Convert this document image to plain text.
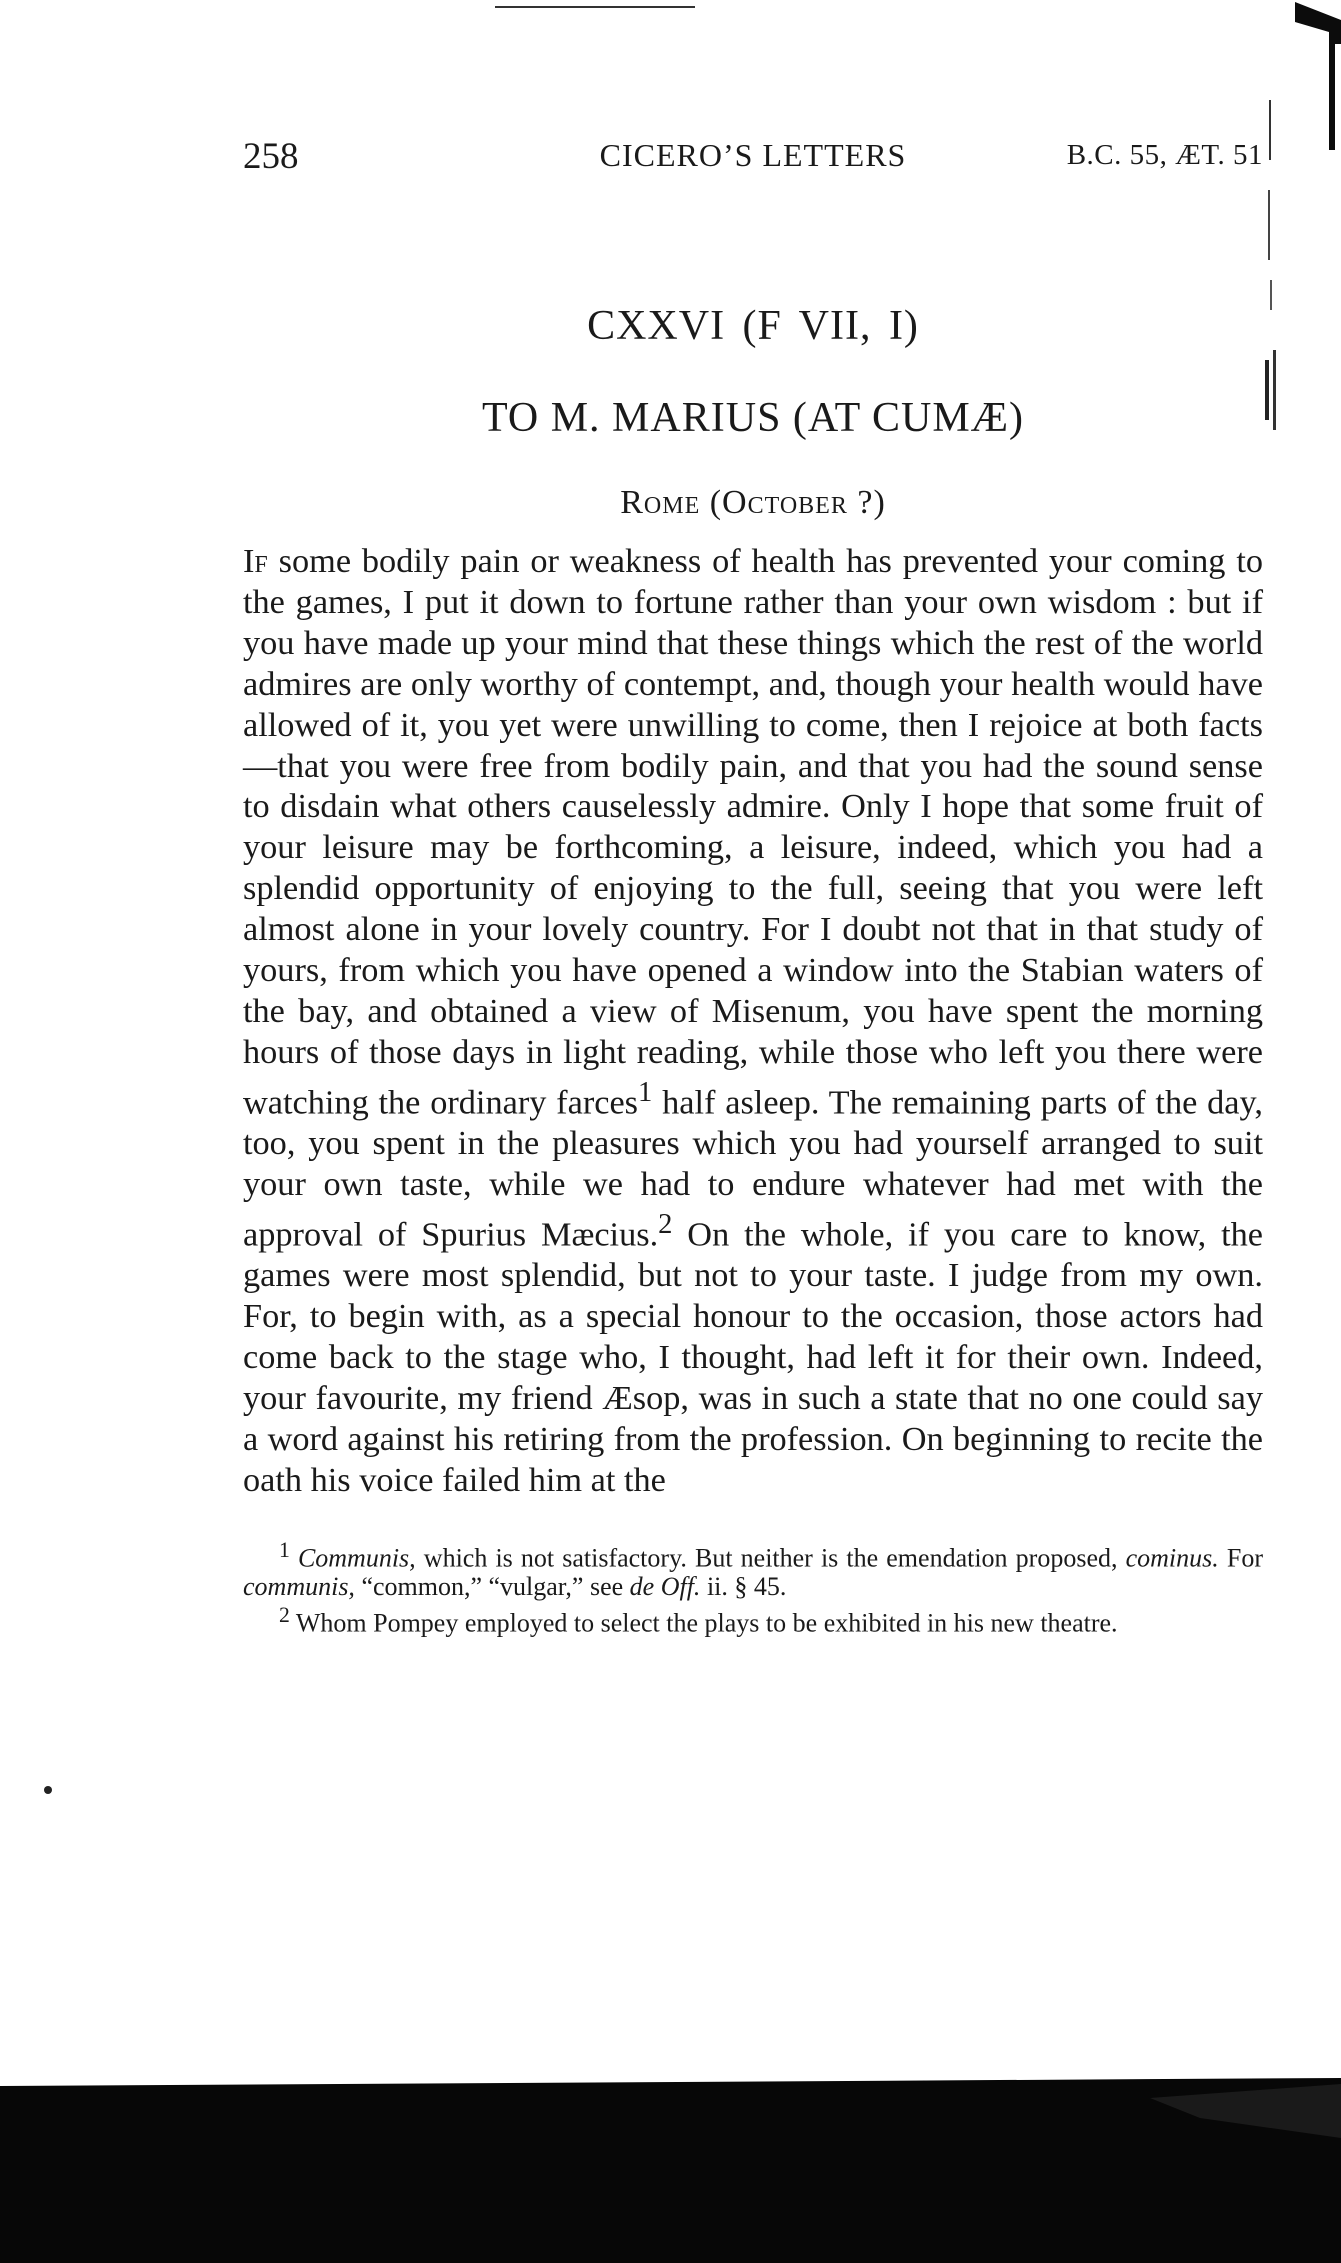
258	CICERO’S LETTERS	B.C. 55, ÆT. 51
CXXVI (F VII, I)
TO M. MARIUS (AT CUMÆ)
Rome (October ?)

If some bodily pain or weakness of health has prevented your coming to the games, I put it down to fortune rather than your own wisdom : but if you have made up your mind that these things which the rest of the world admires are only worthy of contempt, and, though your health would have allowed of it, you yet were unwilling to come, then I rejoice at both facts—that you were free from bodily pain, and that you had the sound sense to disdain what others causelessly admire. Only I hope that some fruit of your leisure may be forthcoming, a leisure, indeed, which you had a splendid opportunity of enjoying to the full, seeing that you were left almost alone in your lovely country. For I doubt not that in that study of yours, from which you have opened a window into the Stabian waters of the bay, and obtained a view of Misenum, you have spent the morning hours of those days in light reading, while those who left you there were watching the ordinary farces$^1$ half asleep. The remaining parts of the day, too, you spent in the pleasures which you had yourself arranged to suit your own taste, while we had to endure whatever had met with the approval of Spurius Mæcius.$^2$ On the whole, if you care to know, the games were most splendid, but not to your taste. I judge from my own. For, to begin with, as a special honour to the occasion, those actors had come back to the stage who, I thought, had left it for their own. Indeed, your favourite, my friend Æsop, was in such a state that no one could say a word against his retiring from the profession. On beginning to recite the oath his voice failed him at the

$^1$ Communis, which is not satisfactory. But neither is the emendation proposed, cominus. For communis, “common,” “vulgar,” see de Off. ii. § 45.

$^2$ Whom Pompey employed to select the plays to be exhibited in his new theatre.
